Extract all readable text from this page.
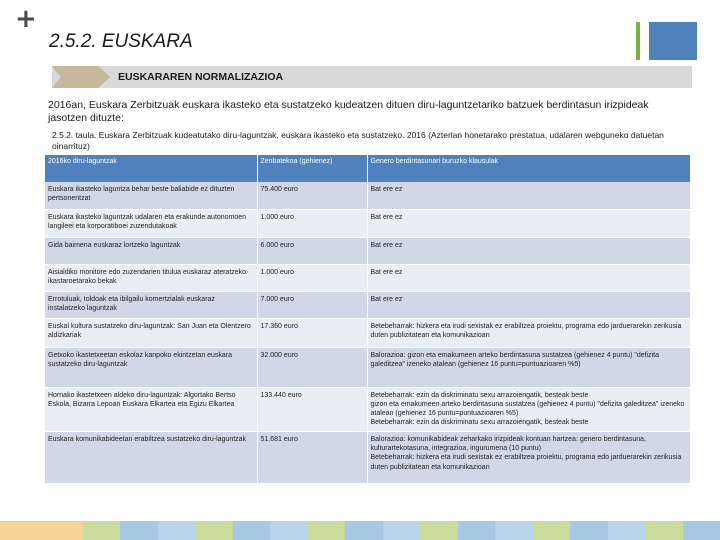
+
2.5.2. EUSKARA
EUSKARAREN NORMALIZAZIOA
2016an, Euskara Zerbitzuak euskara ikasteko eta sustatzeko kudeatzen dituen diru-laguntzetariko batzuek berdintasun irizpideak jasotzen dituzte:
2.5.2. taula. Euskara Zerbitzuak kudeatutako diru-laguntzak, euskara ikasteko eta sustatzeko. 2016 (Azterlan honetarako prestatua, udalaren webguneko datuetan oinarrituz)
2016ko diru-laguntzak	Zenbatekoa (gehienez)	Genero berdintasunari buruzko klausulak
Euskara ikasteko laguntza behar beste baliabide ez dituzten pertsonentzat	75.400 euro	Bat ere ez
Euskara ikasteko laguntzak udalaren eta erakunde autonomoen langileei eta korporatiboei zuzendutakoak	1.000 euro	Bat ere ez
Gida baimena euskaraz lortzeko laguntzak	6.000 euro	Bat ere ez
Aisialdiko monitore edo zuzendarien titulua euskaraz ateratzeko ikastaroetarako bekak	1.000 euro	Bat ere ez
Errotuluak, toldoak eta ibilgailu komertzialak euskaraz instalatzeko laguntzak	7.000 euro	Bat ere ez
Euskal kultura sustatzeko diru-laguntzak: San Juan eta Olentzero aldizkariak	17.360 euro	Betebeharrak: hizkera eta irudi sexistak ez erabiltzea proiektu, programa edo jarduerarekin zerikusia duten publizitatean eta komunikazioan
Getxoko ikastetxeetan eskolaz kanpoko ekintzetan euskara sustatzeko diru-laguntzak	32.000 euro	Balorazioa: gizon eta emakumeen arteko berdintasuna sustatzea (gehienez 4 puntu) "defizita galeditzea" izeneko atalean (gehienez 16 puntu=puntuazioaren %5)
Hornako ikastetxeen aldeko diru-laguntzak: Algortako Bertso Eskola, Bizarra Lepoan Euskara Elkartea eta Egizu Elkartea	133.440 euro	Betebeharrak: ezin da diskriminatu sexu arrazoiengatik, besteak beste
gizon eta emakumeen arteko berdintasuna sustatzea (gehienez 4 puntu) "defizita galeditzea" izeneko atalean (gehienez 16 puntu=puntuazioaren %5)
Betebeharrak: ezin da diskriminatu sexu arrazoiengatik, besteak beste
Euskara komunikabideetan erabiltzea sustatzeko diru-laguntzak	51.681 euro	Balorazioa: komunikabideak zeharkako irizpideak kontuan hartzea: genero berdintasuna, kulturartekotasuna, integrazioa, ingurumena (10 puntu)
Betebeharrak: hizkera eta irudi sexistak ez erabiltzea proiektu, programa edo jarduerarekin zerikusia duten publizitatean eta komunikazioan
